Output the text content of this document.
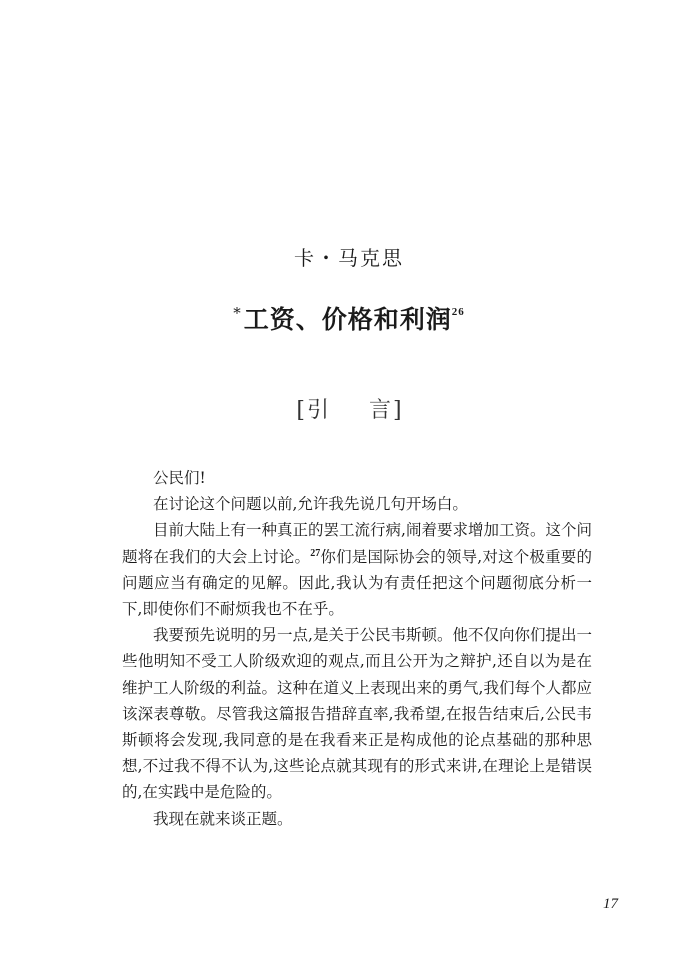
卡・马克思
*工资、价格和利润$^{26}$
[引 言]

公民们!

在讨论这个问题以前,允许我先说几句开场白。

目前大陆上有一种真正的罢工流行病,闹着要求增加工资。这个问题将在我们的大会上讨论。$^{27}$你们是国际协会的领导,对这个极重要的问题应当有确定的见解。因此,我认为有责任把这个问题彻底分析一下,即使你们不耐烦我也不在乎。

我要预先说明的另一点,是关于公民韦斯顿。他不仅向你们提出一些他明知不受工人阶级欢迎的观点,而且公开为之辩护,还自以为是在维护工人阶级的利益。这种在道义上表现出来的勇气,我们每个人都应该深表尊敬。尽管我这篇报告措辞直率,我希望,在报告结束后,公民韦斯顿将会发现,我同意的是在我看来正是构成他的论点基础的那种思想,不过我不得不认为,这些论点就其现有的形式来讲,在理论上是错误的,在实践中是危险的。

我现在就来谈正题。

17
